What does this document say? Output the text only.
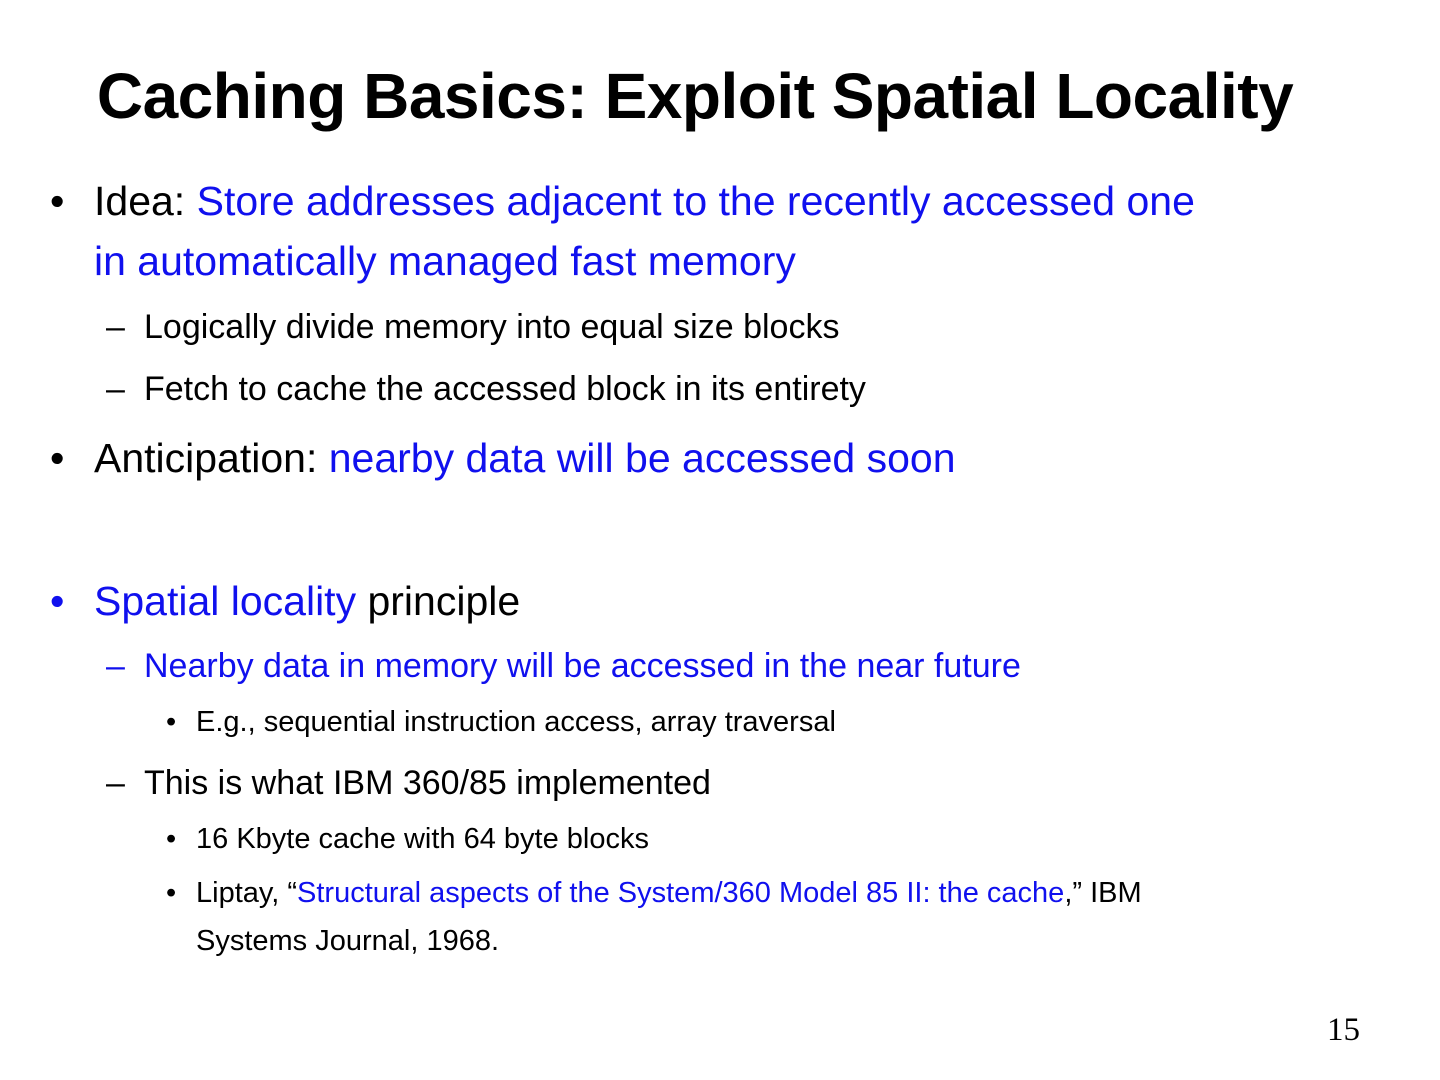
Caching Basics: Exploit Spatial Locality
• Idea: Store addresses adjacent to the recently accessed one
in automatically managed fast memory
– Logically divide memory into equal size blocks
– Fetch to cache the accessed block in its entirety
• Anticipation: nearby data will be accessed soon
• Spatial locality principle
– Nearby data in memory will be accessed in the near future
• E.g., sequential instruction access, array traversal
– This is what IBM 360/85 implemented
• 16 Kbyte cache with 64 byte blocks
• Liptay, “Structural aspects of the System/360 Model 85 II: the cache,” IBM
Systems Journal, 1968.
15
